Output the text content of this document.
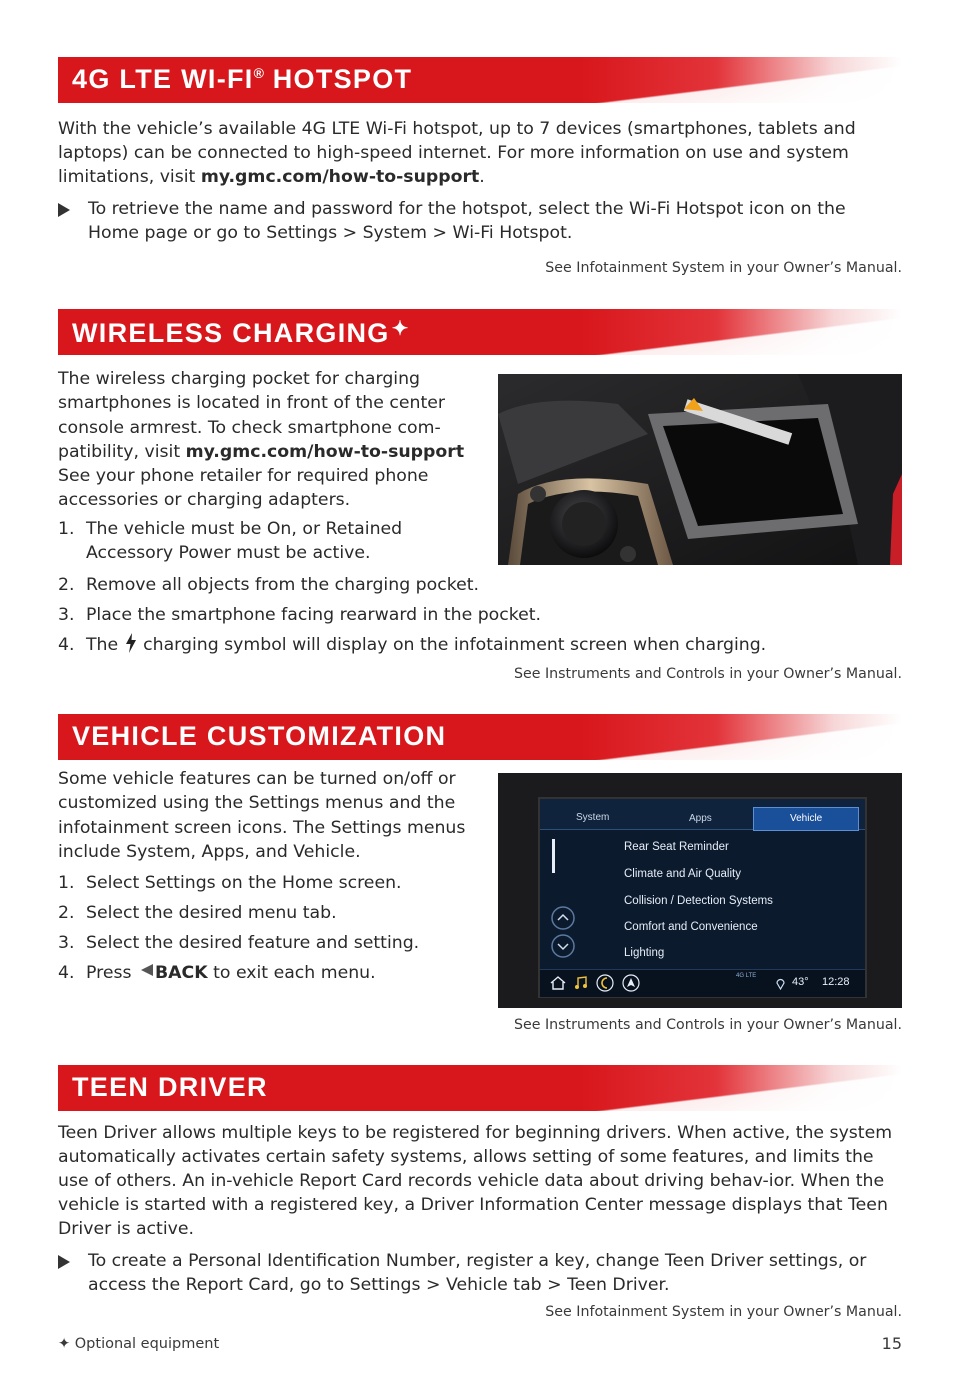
4G LTE WI-FI® HOTSPOT

With the vehicle’s available 4G LTE Wi-Fi hotspot, up to 7 devices (smartphones, tablets and laptops) can be connected to high-speed internet. For more information on use and system limitations, visit my.gmc.com/how-to-support.

To retrieve the name and password for the hotspot, select the Wi-Fi Hotspot icon on the Home page or go to Settings > System > Wi-Fi Hotspot.

See Infotainment System in your Owner’s Manual.

WIRELESS CHARGING ✦

The wireless charging pocket for charging smartphones is located in front of the center console armrest. To check smartphone com-patibility, visit my.gmc.com/how-to-support See your phone retailer for required phone accessories or charging adapters.

1. The vehicle must be On, or Retained Accessory Power must be active.
2. Remove all objects from the charging pocket.
3. Place the smartphone facing rearward in the pocket.
4. The  charging symbol will display on the infotainment screen when charging.

See Instruments and Controls in your Owner’s Manual.

VEHICLE CUSTOMIZATION

Some vehicle features can be turned on/off or customized using the Settings menus and the infotainment screen icons. The Settings menus include System, Apps, and Vehicle.

1. Select Settings on the Home screen.
2. Select the desired menu tab.
3. Select the desired feature and setting.
4. Press BACK to exit each menu.
System	Apps	Vehicle
Rear Seat Reminder
Climate and Air Quality
Collision / Detection Systems
Comfort and Convenience
Lighting
4G LTE	43° 12:28

See Instruments and Controls in your Owner’s Manual.

TEEN DRIVER

Teen Driver allows multiple keys to be registered for beginning drivers. When active, the system automatically activates certain safety systems, allows setting of some features, and limits the use of others. An in-vehicle Report Card records vehicle data about driving behav-ior. When the vehicle is started with a registered key, a Driver Information Center message displays that Teen Driver is active.

To create a Personal Identification Number, register a key, change Teen Driver settings, or access the Report Card, go to Settings > Vehicle tab > Teen Driver.

See Infotainment System in your Owner’s Manual.

✦ Optional equipment	15
